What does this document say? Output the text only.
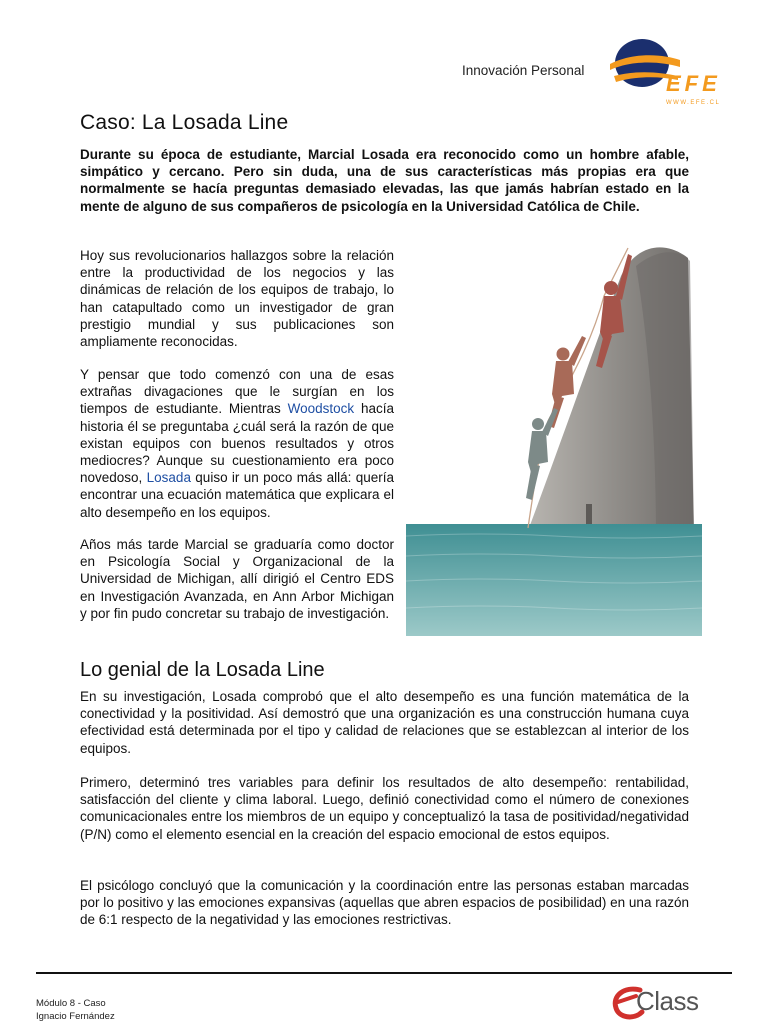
Innovación Personal
EFE
WWW.EFE.CL
Caso: La Losada Line

Durante su época de estudiante, Marcial Losada era reconocido como un hombre afable, simpático y cercano. Pero sin duda, una de sus características más propias era que normalmente se hacía preguntas demasiado elevadas, las que jamás habrían estado en la mente de alguno de sus compañeros de psicología en la Universidad Católica de Chile.

Hoy sus revolucionarios hallazgos sobre la relación entre la productividad de los negocios y las dinámicas de relación de los equipos de trabajo, lo han catapultado como un investigador de gran prestigio mundial y sus publicaciones son ampliamente reconocidas.

Y pensar que todo comenzó con una de esas extrañas divagaciones que le surgían en los tiempos de estudiante. Mientras Woodstock hacía historia él se preguntaba ¿cuál será la razón de que existan equipos con buenos resultados y otros mediocres? Aunque su cuestionamiento era poco novedoso, Losada quiso ir un poco más allá: quería encontrar una ecuación matemática que explicara el alto desempeño en los equipos.

Años más tarde Marcial se graduaría como doctor en Psicología Social y Organizacional de la Universidad de Michigan, allí dirigió el Centro EDS en Investigación Avanzada, en Ann Arbor Michigan y por fin pudo concretar su trabajo de investigación.

Lo genial de la Losada Line

En su investigación, Losada comprobó que el alto desempeño es una función matemática de la conectividad y la positividad. Así demostró que una organización es una construcción humana cuya efectividad está determinada por el tipo y calidad de relaciones que se establezcan al interior de los equipos.

Primero, determinó tres variables para definir los resultados de alto desempeño: rentabilidad, satisfacción del cliente y clima laboral. Luego, definió conectividad como el número de conexiones comunicacionales entre los miembros de un equipo y conceptualizó la tasa de positividad/negatividad (P/N) como el elemento esencial en la creación del espacio emocional de estos equipos.

El psicólogo concluyó que la comunicación y la coordinación entre las personas estaban marcadas por lo positivo y las emociones expansivas (aquellas que abren espacios de posibilidad) en una razón de 6:1 respecto de la negatividad y las emociones restrictivas.

Módulo 8 - Caso
Ignacio Fernández
Class
